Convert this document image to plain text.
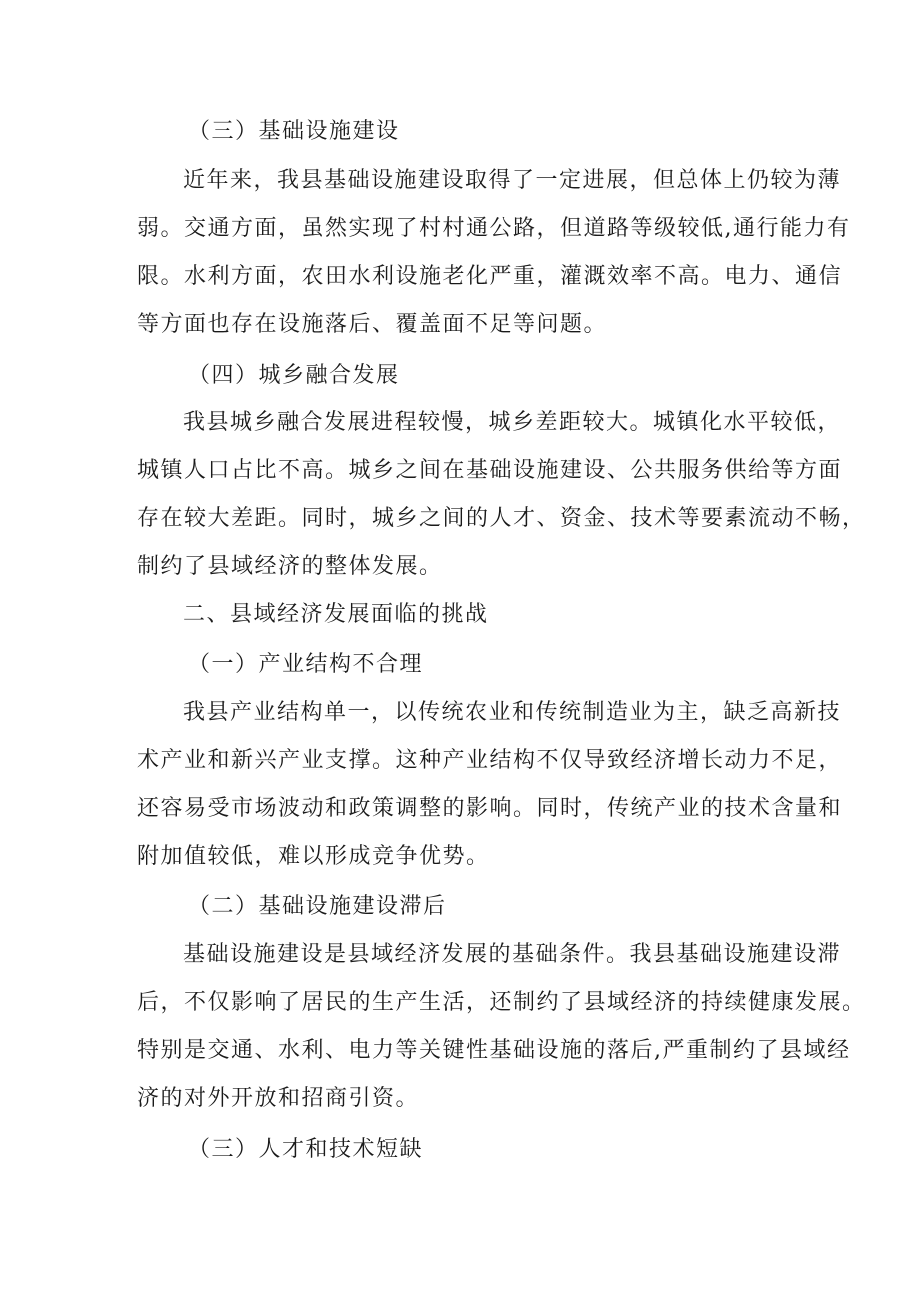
（三）基础设施建设
近年来，我县基础设施建设取得了一定进展，但总体上仍较为薄
弱。交通方面，虽然实现了村村通公路，但道路等级较低,通行能力有
限。水利方面，农田水利设施老化严重，灌溉效率不高。电力、通信
等方面也存在设施落后、覆盖面不足等问题。
（四）城乡融合发展
我县城乡融合发展进程较慢，城乡差距较大。城镇化水平较低，
城镇人口占比不高。城乡之间在基础设施建设、公共服务供给等方面
存在较大差距。同时，城乡之间的人才、资金、技术等要素流动不畅，
制约了县域经济的整体发展。
二、县域经济发展面临的挑战
（一）产业结构不合理
我县产业结构单一，以传统农业和传统制造业为主，缺乏高新技
术产业和新兴产业支撑。这种产业结构不仅导致经济增长动力不足，
还容易受市场波动和政策调整的影响。同时，传统产业的技术含量和
附加值较低，难以形成竞争优势。
（二）基础设施建设滞后
基础设施建设是县域经济发展的基础条件。我县基础设施建设滞
后，不仅影响了居民的生产生活，还制约了县域经济的持续健康发展。
特别是交通、水利、电力等关键性基础设施的落后,严重制约了县域经
济的对外开放和招商引资。
（三）人才和技术短缺
